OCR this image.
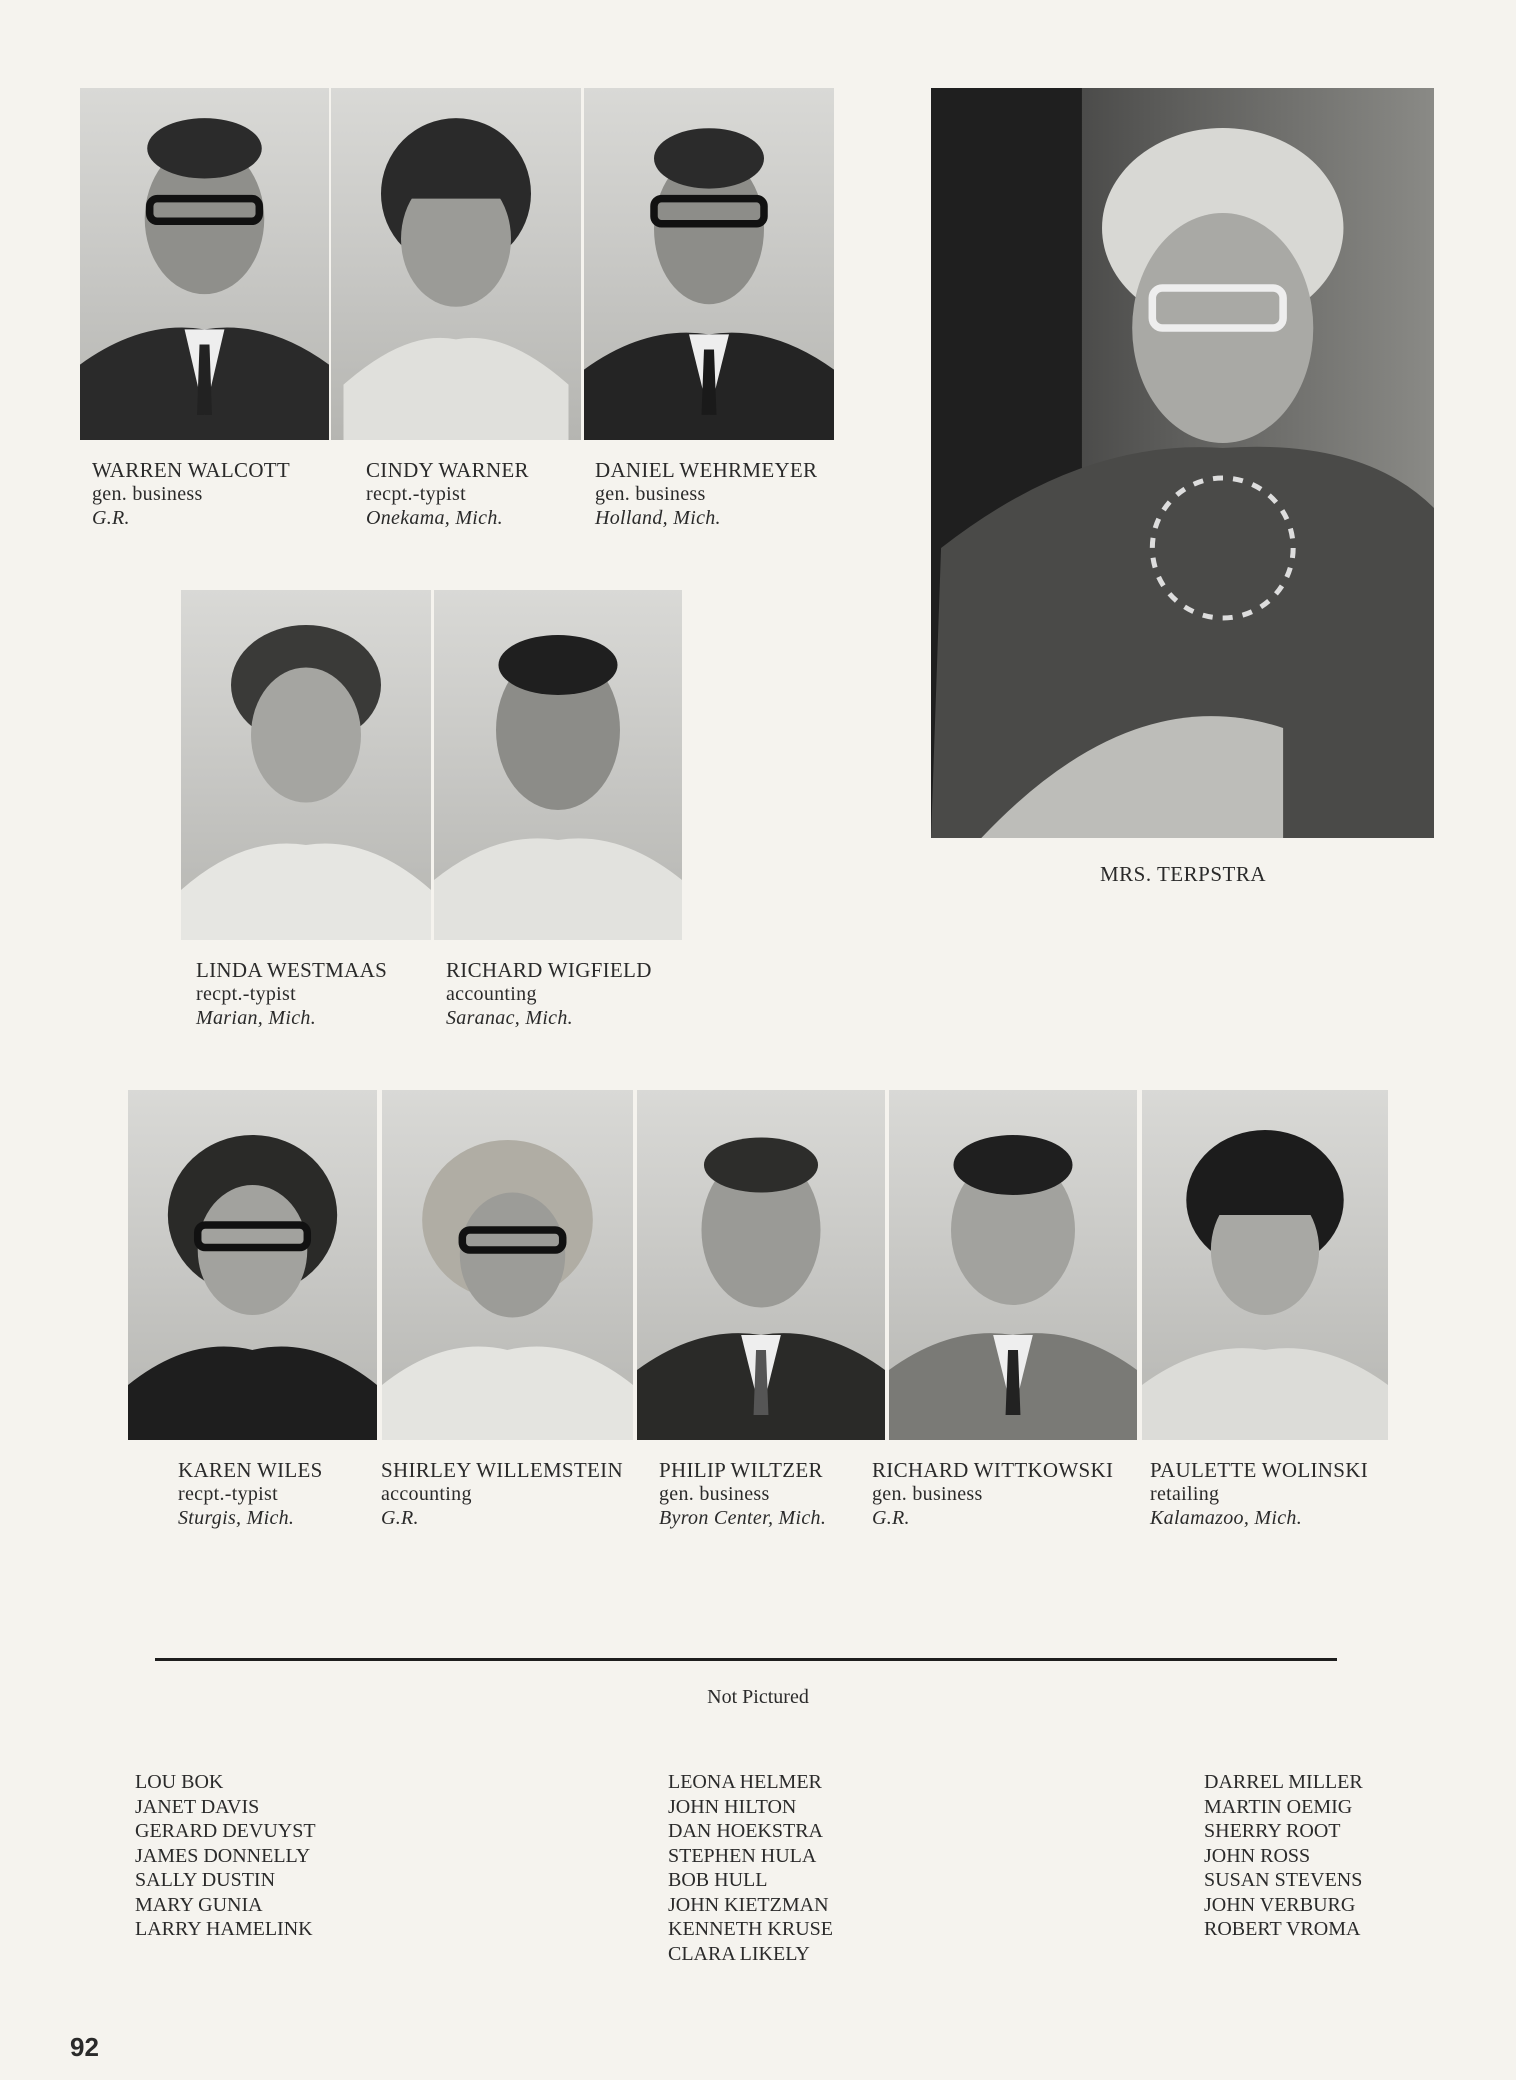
WARREN WALCOTT
gen. business
G.R.
CINDY WARNER
recpt.-typist
Onekama, Mich.
DANIEL WEHRMEYER
gen. business
Holland, Mich.
MRS. TERPSTRA
LINDA WESTMAAS
recpt.-typist
Marian, Mich.
RICHARD WIGFIELD
accounting
Saranac, Mich.
KAREN WILES
recpt.-typist
Sturgis, Mich.
SHIRLEY WILLEMSTEIN
accounting
G.R.
PHILIP WILTZER
gen. business
Byron Center, Mich.
RICHARD WITTKOWSKI
gen. business
G.R.
PAULETTE WOLINSKI
retailing
Kalamazoo, Mich.
Not Pictured
LOU BOK
JANET DAVIS
GERARD DEVUYST
JAMES DONNELLY
SALLY DUSTIN
MARY GUNIA
LARRY HAMELINK
LEONA HELMER
JOHN HILTON
DAN HOEKSTRA
STEPHEN HULA
BOB HULL
JOHN KIETZMAN
KENNETH KRUSE
CLARA LIKELY
DARREL MILLER
MARTIN OEMIG
SHERRY ROOT
JOHN ROSS
SUSAN STEVENS
JOHN VERBURG
ROBERT VROMA
92
